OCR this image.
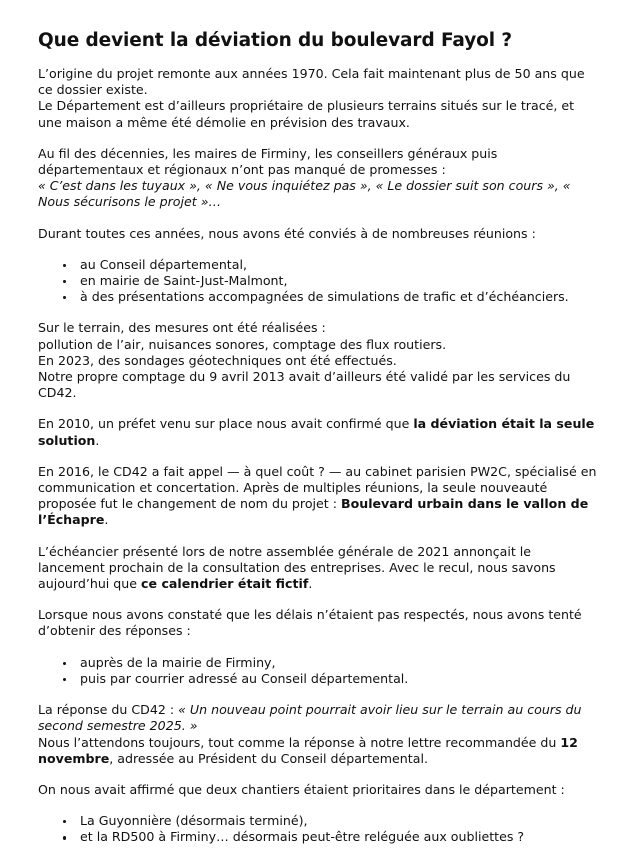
Que devient la déviation du boulevard Fayol ?

L’origine du projet remonte aux années 1970. Cela fait maintenant plus de 50 ans que ce dossier existe.
Le Département est d’ailleurs propriétaire de plusieurs terrains situés sur le tracé, et une maison a même été démolie en prévision des travaux.

Au fil des décennies, les maires de Firminy, les conseillers généraux puis départementaux et régionaux n’ont pas manqué de promesses :
« C’est dans les tuyaux », « Ne vous inquiétez pas », « Le dossier suit son cours », « Nous sécurisons le projet »…

Durant toutes ces années, nous avons été conviés à de nombreuses réunions :

au Conseil départemental,
en mairie de Saint-Just-Malmont,
à des présentations accompagnées de simulations de trafic et d’échéanciers.

Sur le terrain, des mesures ont été réalisées :
pollution de l’air, nuisances sonores, comptage des flux routiers.
En 2023, des sondages géotechniques ont été effectués.
Notre propre comptage du 9 avril 2013 avait d’ailleurs été validé par les services du CD42.

En 2010, un préfet venu sur place nous avait confirmé que la déviation était la seule solution.

En 2016, le CD42 a fait appel — à quel coût ? — au cabinet parisien PW2C, spécialisé en communication et concertation. Après de multiples réunions, la seule nouveauté proposée fut le changement de nom du projet : Boulevard urbain dans le vallon de l’Échapre.

L’échéancier présenté lors de notre assemblée générale de 2021 annonçait le lancement prochain de la consultation des entreprises. Avec le recul, nous savons aujourd’hui que ce calendrier était fictif.

Lorsque nous avons constaté que les délais n’étaient pas respectés, nous avons tenté d’obtenir des réponses :

auprès de la mairie de Firminy,
puis par courrier adressé au Conseil départemental.

La réponse du CD42 : « Un nouveau point pourrait avoir lieu sur le terrain au cours du second semestre 2025. »
Nous l’attendons toujours, tout comme la réponse à notre lettre recommandée du 12 novembre, adressée au Président du Conseil départemental.

On nous avait affirmé que deux chantiers étaient prioritaires dans le département :

La Guyonnière (désormais terminé),
et la RD500 à Firminy… désormais peut-être reléguée aux oubliettes ?
